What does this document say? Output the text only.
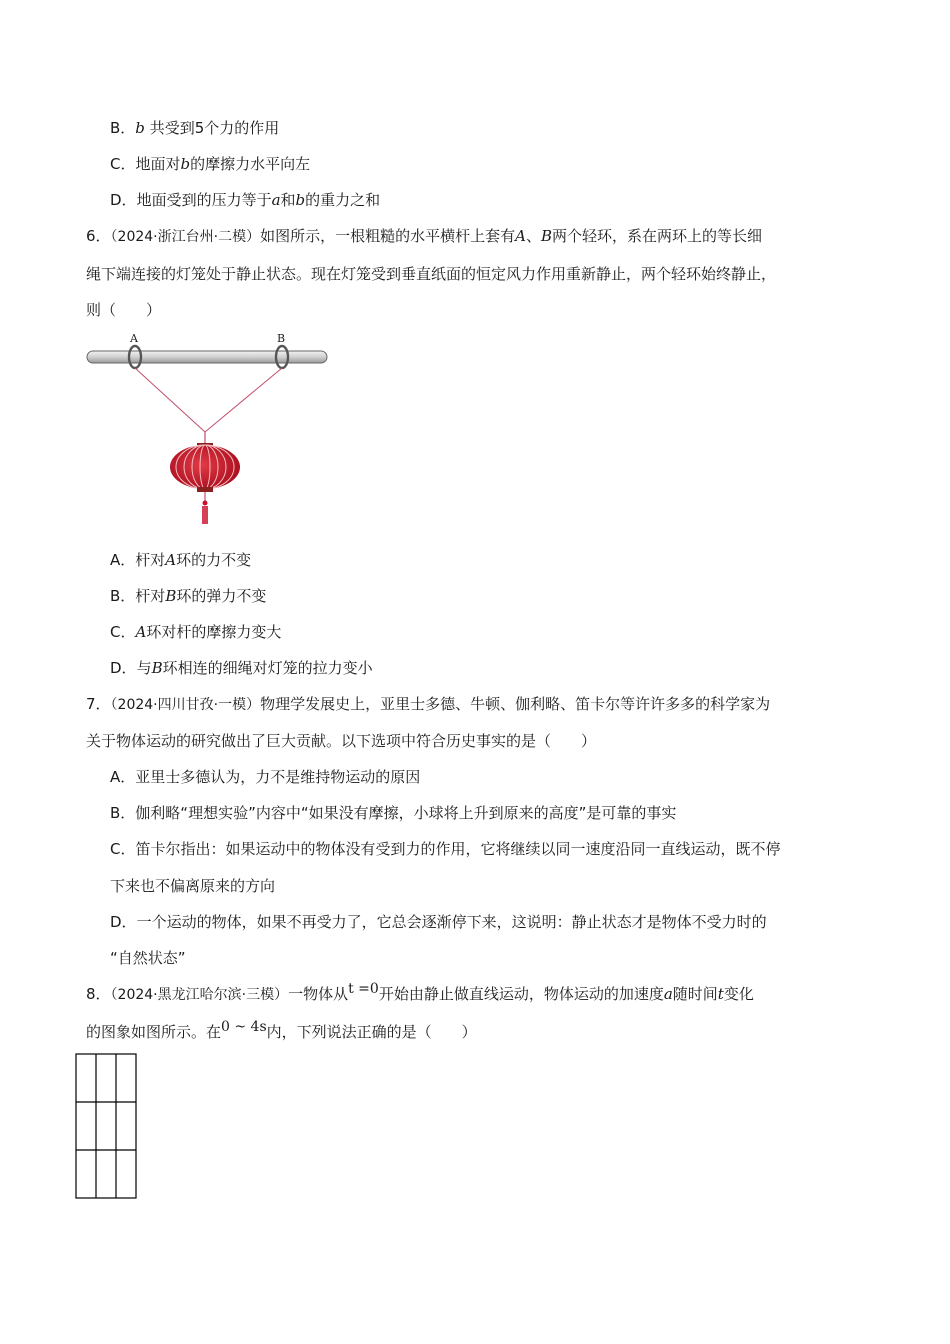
B．b 共受到5个力的作用
C．地面对b的摩擦力水平向左
D．地面受到的压力等于a和b的重力之和
6．（2024·浙江台州·二模）如图所示，一根粗糙的水平横杆上套有A、B两个轻环，系在两环上的等长细
绳下端连接的灯笼处于静止状态。现在灯笼受到垂直纸面的恒定风力作用重新静止，两个轻环始终静止，
则（　　）
A	B
A．杆对A环的力不变
B．杆对B环的弹力不变
C．A环对杆的摩擦力变大
D．与B环相连的细绳对灯笼的拉力变小
7．（2024·四川甘孜·一模）物理学发展史上，亚里士多德、牛顿、伽利略、笛卡尔等许许多多的科学家为
关于物体运动的研究做出了巨大贡献。以下选项中符合历史事实的是（　　）
A．亚里士多德认为，力不是维持物运动的原因
B．伽利略“理想实验”内容中“如果没有摩擦，小球将上升到原来的高度”是可靠的事实
C．笛卡尔指出：如果运动中的物体没有受到力的作用，它将继续以同一速度沿同一直线运动，既不停
下来也不偏离原来的方向
D．一个运动的物体，如果不再受力了，它总会逐渐停下来，这说明：静止状态才是物体不受力时的
“自然状态”
8．（2024·黑龙江哈尔滨·三模）一物体从t =0开始由静止做直线运动，物体运动的加速度a随时间t变化
的图象如图所示。在0 ~ 4s内，下列说法正确的是（　　）
